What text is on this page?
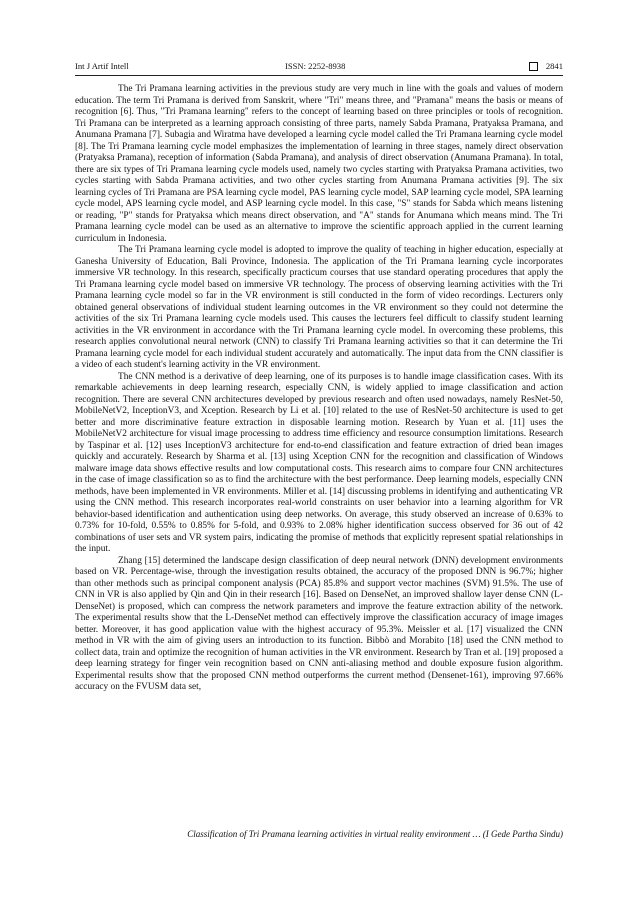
Int J Artif Intell	ISSN: 2252-8938	2841

The Tri Pramana learning activities in the previous study are very much in line with the goals and values of modern education. The term Tri Pramana is derived from Sanskrit, where "Tri" means three, and "Pramana" means the basis or means of recognition [6]. Thus, "Tri Pramana learning" refers to the concept of learning based on three principles or tools of recognition. Tri Pramana can be interpreted as a learning approach consisting of three parts, namely Sabda Pramana, Pratyaksa Pramana, and Anumana Pramana [7]. Subagia and Wiratma have developed a learning cycle model called the Tri Pramana learning cycle model [8]. The Tri Pramana learning cycle model emphasizes the implementation of learning in three stages, namely direct observation (Pratyaksa Pramana), reception of information (Sabda Pramana), and analysis of direct observation (Anumana Pramana). In total, there are six types of Tri Pramana learning cycle models used, namely two cycles starting with Pratyaksa Pramana activities, two cycles starting with Sabda Pramana activities, and two other cycles starting from Anumana Pramana activities [9]. The six learning cycles of Tri Pramana are PSA learning cycle model, PAS learning cycle model, SAP learning cycle model, SPA learning cycle model, APS learning cycle model, and ASP learning cycle model. In this case, "S" stands for Sabda which means listening or reading, "P" stands for Pratyaksa which means direct observation, and "A" stands for Anumana which means mind. The Tri Pramana learning cycle model can be used as an alternative to improve the scientific approach applied in the current learning curriculum in Indonesia.

The Tri Pramana learning cycle model is adopted to improve the quality of teaching in higher education, especially at Ganesha University of Education, Bali Province, Indonesia. The application of the Tri Pramana learning cycle incorporates immersive VR technology. In this research, specifically practicum courses that use standard operating procedures that apply the Tri Pramana learning cycle model based on immersive VR technology. The process of observing learning activities with the Tri Pramana learning cycle model so far in the VR environment is still conducted in the form of video recordings. Lecturers only obtained general observations of individual student learning outcomes in the VR environment so they could not determine the activities of the six Tri Pramana learning cycle models used. This causes the lecturers feel difficult to classify student learning activities in the VR environment in accordance with the Tri Pramana learning cycle model. In overcoming these problems, this research applies convolutional neural network (CNN) to classify Tri Pramana learning activities so that it can determine the Tri Pramana learning cycle model for each individual student accurately and automatically. The input data from the CNN classifier is a video of each student's learning activity in the VR environment.

The CNN method is a derivative of deep learning, one of its purposes is to handle image classification cases. With its remarkable achievements in deep learning research, especially CNN, is widely applied to image classification and action recognition. There are several CNN architectures developed by previous research and often used nowadays, namely ResNet-50, MobileNetV2, InceptionV3, and Xception. Research by Li et al. [10] related to the use of ResNet-50 architecture is used to get better and more discriminative feature extraction in disposable learning motion. Research by Yuan et al. [11] uses the MobileNetV2 architecture for visual image processing to address time efficiency and resource consumption limitations. Research by Taspinar et al. [12] uses InceptionV3 architecture for end-to-end classification and feature extraction of dried bean images quickly and accurately. Research by Sharma et al. [13] using Xception CNN for the recognition and classification of Windows malware image data shows effective results and low computational costs. This research aims to compare four CNN architectures in the case of image classification so as to find the architecture with the best performance. Deep learning models, especially CNN methods, have been implemented in VR environments. Miller et al. [14] discussing problems in identifying and authenticating VR using the CNN method. This research incorporates real-world constraints on user behavior into a learning algorithm for VR behavior-based identification and authentication using deep networks. On average, this study observed an increase of 0.63% to 0.73% for 10-fold, 0.55% to 0.85% for 5-fold, and 0.93% to 2.08% higher identification success observed for 36 out of 42 combinations of user sets and VR system pairs, indicating the promise of methods that explicitly represent spatial relationships in the input.

Zhang [15] determined the landscape design classification of deep neural network (DNN) development environments based on VR. Percentage-wise, through the investigation results obtained, the accuracy of the proposed DNN is 96.7%; higher than other methods such as principal component analysis (PCA) 85.8% and support vector machines (SVM) 91.5%. The use of CNN in VR is also applied by Qin and Qin in their research [16]. Based on DenseNet, an improved shallow layer dense CNN (L-DenseNet) is proposed, which can compress the network parameters and improve the feature extraction ability of the network. The experimental results show that the L-DenseNet method can effectively improve the classification accuracy of image images better. Moreover, it has good application value with the highest accuracy of 95.3%. Meissler et al. [17] visualized the CNN method in VR with the aim of giving users an introduction to its function. Bibbò and Morabito [18] used the CNN method to collect data, train and optimize the recognition of human activities in the VR environment. Research by Tran et al. [19] proposed a deep learning strategy for finger vein recognition based on CNN anti-aliasing method and double exposure fusion algorithm. Experimental results show that the proposed CNN method outperforms the current method (Densenet-161), improving 97.66% accuracy on the FVUSM data set,

Classification of Tri Pramana learning activities in virtual reality environment … (I Gede Partha Sindu)
